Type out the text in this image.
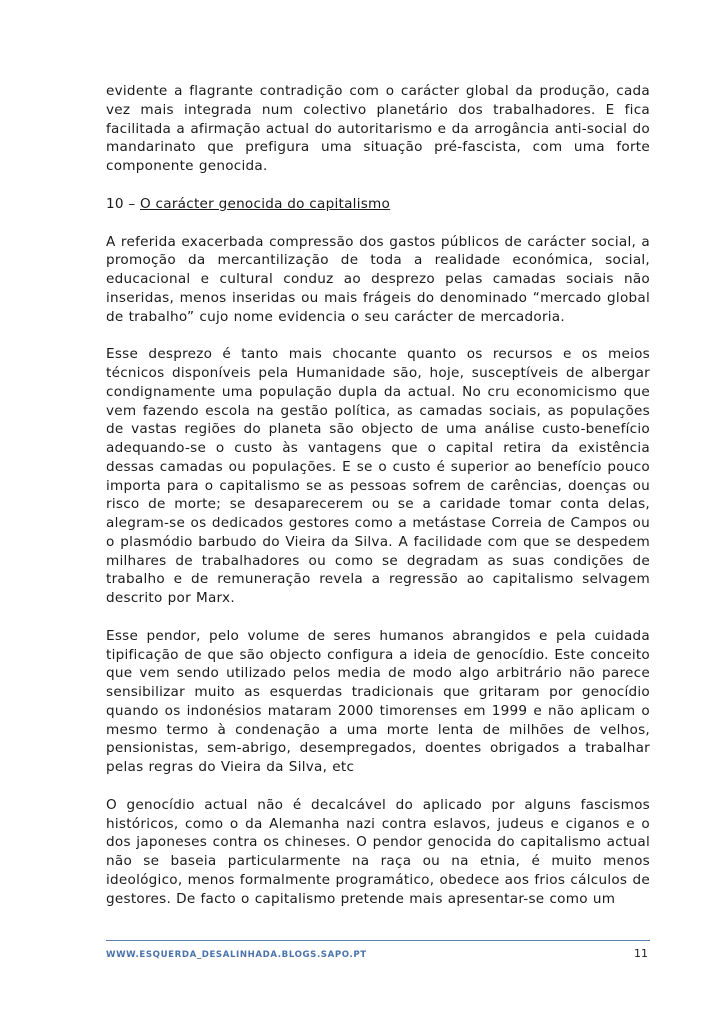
evidente a flagrante contradição com o carácter global da produção, cada vez mais integrada num colectivo planetário dos trabalhadores. E fica facilitada a afirmação actual do autoritarismo e da arrogância anti-social do mandarinato que prefigura uma situação pré-fascista, com uma forte componente genocida.

10 – O carácter genocida do capitalismo

A referida exacerbada compressão dos gastos públicos de carácter social, a promoção da mercantilização de toda a realidade económica, social, educacional e cultural conduz ao desprezo pelas camadas sociais não inseridas, menos inseridas ou mais frágeis do denominado “mercado global de trabalho” cujo nome evidencia o seu carácter de mercadoria.

Esse desprezo é tanto mais chocante quanto os recursos e os meios técnicos disponíveis pela Humanidade são, hoje, susceptíveis de albergar condignamente uma população dupla da actual. No cru economicismo que vem fazendo escola na gestão política, as camadas sociais, as populações de vastas regiões do planeta são objecto de uma análise custo-benefício adequando-se o custo às vantagens que o capital retira da existência dessas camadas ou populações. E se o custo é superior ao benefício pouco importa para o capitalismo se as pessoas sofrem de carências, doenças ou risco de morte; se desaparecerem ou se a caridade tomar conta delas, alegram-se os dedicados gestores como a metástase Correia de Campos ou o plasmódio barbudo do Vieira da Silva. A facilidade com que se despedem milhares de trabalhadores ou como se degradam as suas condições de trabalho e de remuneração revela a regressão ao capitalismo selvagem descrito por Marx.

Esse pendor, pelo volume de seres humanos abrangidos e pela cuidada tipificação de que são objecto configura a ideia de genocídio. Este conceito que vem sendo utilizado pelos media de modo algo arbitrário não parece sensibilizar muito as esquerdas tradicionais que gritaram por genocídio quando os indonésios mataram 2000 timorenses em 1999 e não aplicam o mesmo termo à condenação a uma morte lenta de milhões de velhos, pensionistas, sem-abrigo, desempregados, doentes obrigados a trabalhar pelas regras do Vieira da Silva, etc

O genocídio actual não é decalcável do aplicado por alguns fascismos históricos, como o da Alemanha nazi contra eslavos, judeus e ciganos e o dos japoneses contra os chineses. O pendor genocida do capitalismo actual não se baseia particularmente na raça ou na etnia, é muito menos ideológico, menos formalmente programático, obedece aos frios cálculos de gestores. De facto o capitalismo pretende mais apresentar-se como um

WWW.ESQUERDA_DESALINHADA.BLOGS.SAPO.PT	11
